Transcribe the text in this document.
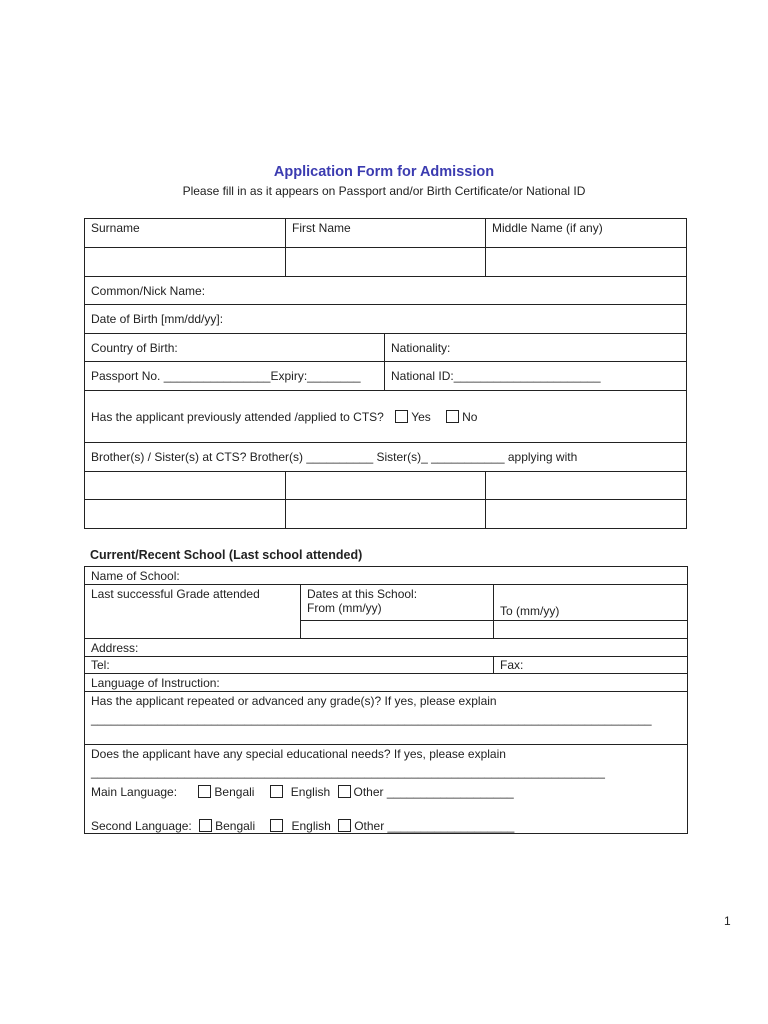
Application Form for Admission
Please fill in as it appears on Passport and/or Birth Certificate/or National ID
Surname	First Name		Middle Name (if any)

Common/Nick Name:			
Date of Birth [mm/dd/yy]:			
Country of Birth:		Nationality:	
Passport No. ________________Expiry:________		National ID:______________________	
Has the applicant previously attended /applied to CTS? Yes No			
Brother(s) / Sister(s) at CTS? Brother(s) __________ Sister(s)_ ___________ applying with			

Current/Recent School (Last school attended)
Name of School:		
Last successful Grade attended	Dates at this School:
From (mm/yy)	To (mm/yy)

Address:		
Tel:		Fax:
Language of Instruction:		

Has the applicant repeated or advanced any grade(s)? If yes, please explain
____________________________________________________________________________________		

Does the applicant have any special educational needs? If yes, please explain
_____________________________________________________________________________
Main Language: Bengali English Other ___________________
Second Language: Bengali English Other ___________________		
1
